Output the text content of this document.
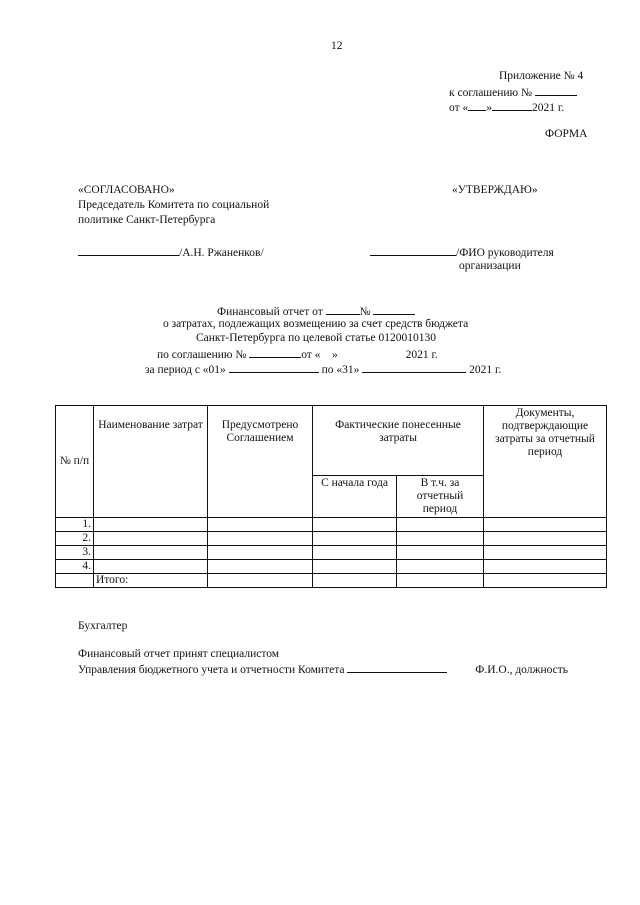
12
Приложение № 4
к соглашению №
от « »	2021 г.
ФОРМА
«СОГЛАСОВАНО»
Председатель Комитета по социальной
политике Санкт-Петербурга
«УТВЕРЖДАЮ»
/А.Н. Ржаненков/	/ФИО руководителя
организации
Финансовый отчет от	№
о затратах, подлежащих возмещению за счет средств бюджета
Санкт-Петербурга по целевой статье 0120010130
по соглашению №	от «    »	2021 г.
за период с «01»	по «31»	2021 г.
№ п/п	Наименование затрат	Предусмотрено Соглашением	Фактические понесенные затраты		Документы, подтверждающие затраты за отчетный период
			С начала года	В т.ч. за отчетный период	
1.					
2.					
3.					
4.					
	Итого:				
Бухгалтер
Финансовый отчет принят специалистом
Управления бюджетного учета и отчетности Комитета	Ф.И.О., должность
